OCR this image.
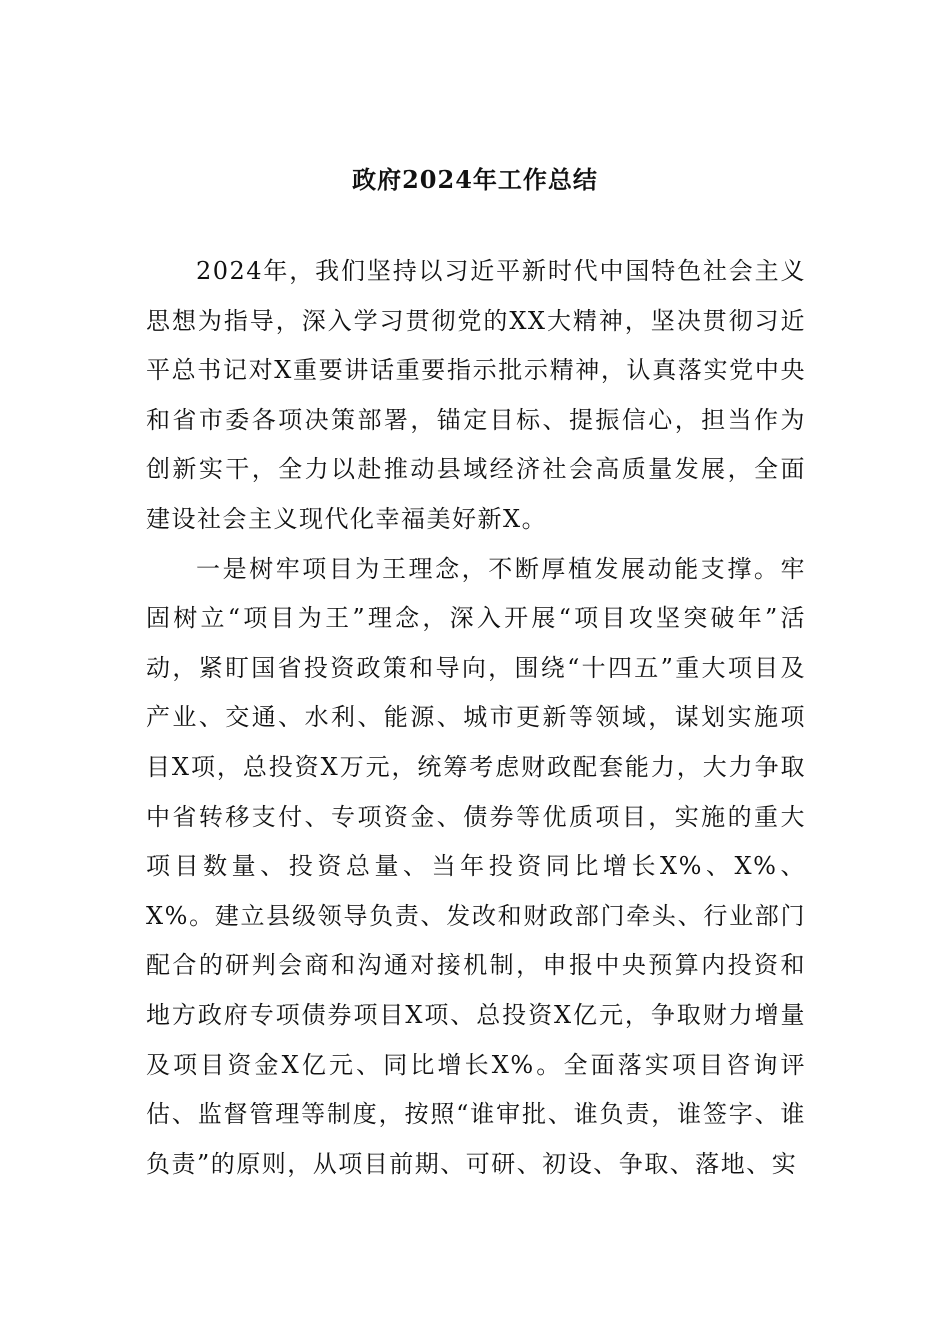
政府2024年工作总结

2024年，我们坚持以习近平新时代中国特色社会主义思想为指导，深入学习贯彻党的XX大精神，坚决贯彻习近平总书记对X重要讲话重要指示批示精神，认真落实党中央和省市委各项决策部署，锚定目标、提振信心，担当作为创新实干，全力以赴推动县域经济社会高质量发展，全面建设社会主义现代化幸福美好新X。

一是树牢项目为王理念，不断厚植发展动能支撑。牢固树立“项目为王”理念，深入开展“项目攻坚突破年”活动，紧盯国省投资政策和导向，围绕“十四五”重大项目及产业、交通、水利、能源、城市更新等领域，谋划实施项目X项，总投资X万元，统筹考虑财政配套能力，大力争取中省转移支付、专项资金、债券等优质项目，实施的重大项目数量、投资总量、当年投资同比增长X%、X%、X%。建立县级领导负责、发改和财政部门牵头、行业部门配合的研判会商和沟通对接机制，申报中央预算内投资和地方政府专项债券项目X项、总投资X亿元，争取财力增量及项目资金X亿元、同比增长X%。全面落实项目咨询评估、监督管理等制度，按照“谁审批、谁负责，谁签字、谁负责”的原则，从项目前期、可研、初设、争取、落地、实
